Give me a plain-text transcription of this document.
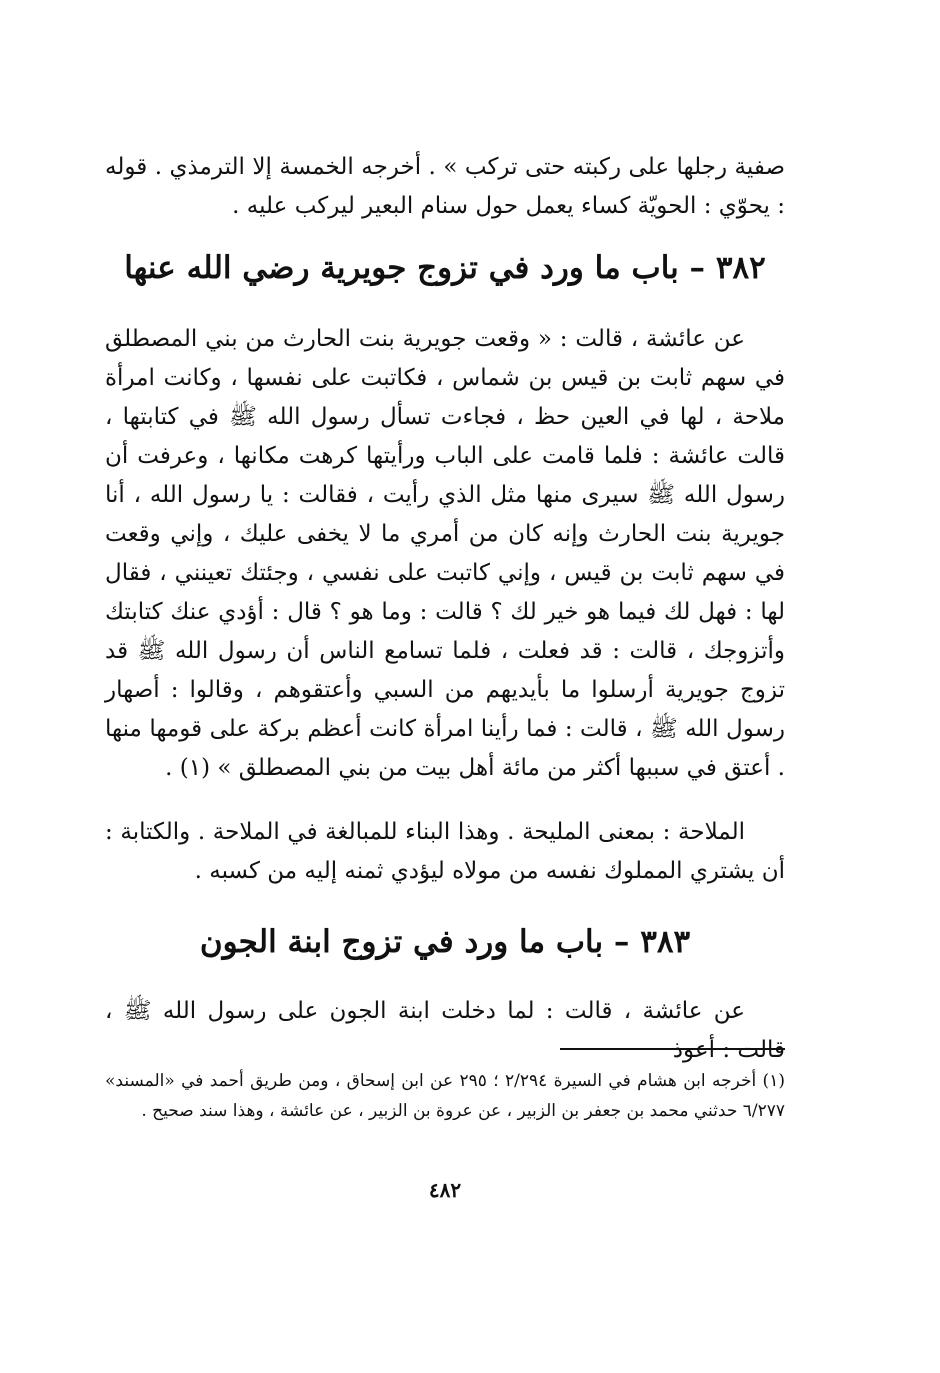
صفية رجلها على ركبته حتى تركب » . أخرجه الخمسة إلا الترمذي . قوله : يحوّي : الحويّة كساء يعمل حول سنام البعير ليركب عليه .

٣٨٢ – باب ما ورد في تزوج جويرية رضي الله عنها

عن عائشة ، قالت : « وقعت جويرية بنت الحارث من بني المصطلق في سهم ثابت بن قيس بن شماس ، فكاتبت على نفسها ، وكانت امرأة ملاحة ، لها في العين حظ ، فجاءت تسأل رسول الله ﷺ في كتابتها ، قالت عائشة : فلما قامت على الباب ورأيتها كرهت مكانها ، وعرفت أن رسول الله ﷺ سيرى منها مثل الذي رأيت ، فقالت : يا رسول الله ، أنا جويرية بنت الحارث وإنه كان من أمري ما لا يخفى عليك ، وإني وقعت في سهم ثابت بن قيس ، وإني كاتبت على نفسي ، وجئتك تعينني ، فقال لها : فهل لك فيما هو خير لك ؟ قالت : وما هو ؟ قال : أؤدي عنك كتابتك وأتزوجك ، قالت : قد فعلت ، فلما تسامع الناس أن رسول الله ﷺ قد تزوج جويرية أرسلوا ما بأيديهم من السبي وأعتقوهم ، وقالوا : أصهار رسول الله ﷺ ، قالت : فما رأينا امرأة كانت أعظم بركة على قومها منها . أعتق في سببها أكثر من مائة أهل بيت من بني المصطلق » (١) .

الملاحة : بمعنى المليحة . وهذا البناء للمبالغة في الملاحة . والكتابة : أن يشتري المملوك نفسه من مولاه ليؤدي ثمنه إليه من كسبه .

٣٨٣ – باب ما ورد في تزوج ابنة الجون

عن عائشة ، قالت : لما دخلت ابنة الجون على رسول الله ﷺ ، قالت : أعوذ

(١) أخرجه ابن هشام في السيرة ٢/٢٩٤ ؛ ٢٩٥ عن ابن إسحاق ، ومن طريق أحمد في «المسند» ٦/٢٧٧ حدثني محمد بن جعفر بن الزبير ، عن عروة بن الزبير ، عن عائشة ، وهذا سند صحيح .

٤٨٢
